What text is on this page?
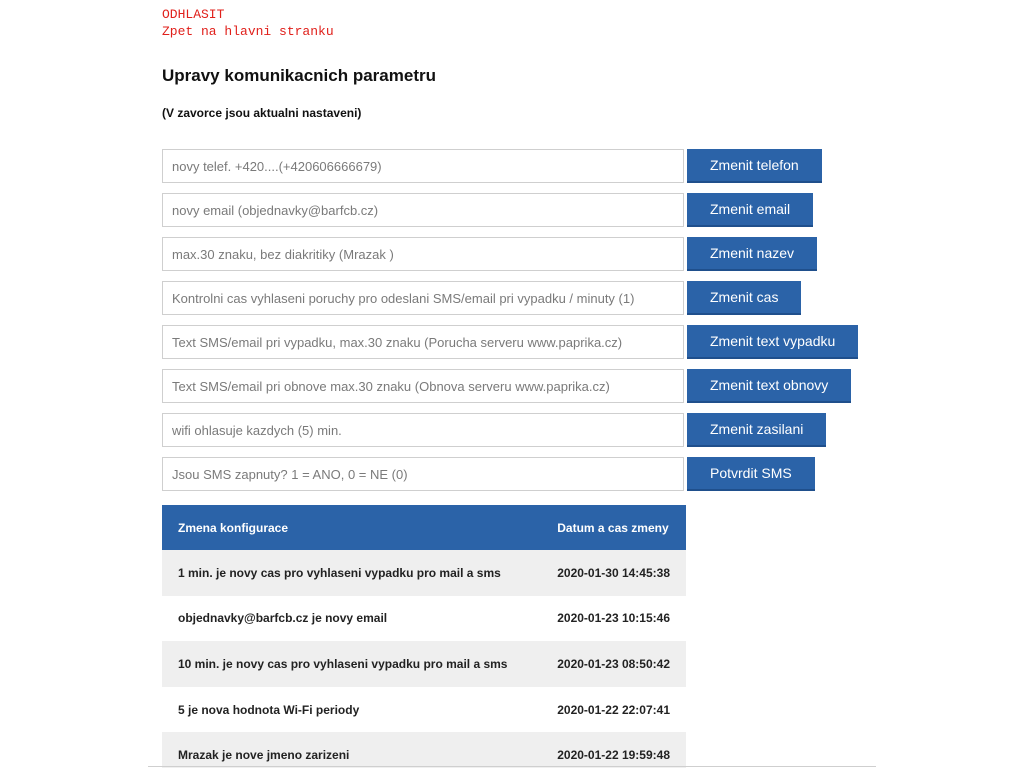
ODHLASIT
Zpet na hlavni stranku
Upravy komunikacnich parametru

(V zavorce jsou aktualni nastaveni)

novy telef. +420....(+420606666679)
Zmenit telefon
novy email (objednavky@barfcb.cz)
Zmenit email
max.30 znaku, bez diakritiky (Mrazak )
Zmenit nazev
Kontrolni cas vyhlaseni poruchy pro odeslani SMS/email pri vypadku / minuty (1)
Zmenit cas
Text SMS/email pri vypadku, max.30 znaku (Porucha serveru www.paprika.cz)
Zmenit text vypadku
Text SMS/email pri obnove max.30 znaku (Obnova serveru www.paprika.cz)
Zmenit text obnovy
wifi ohlasuje kazdych (5) min.
Zmenit zasilani
Jsou SMS zapnuty? 1 = ANO, 0 = NE (0)
Potvrdit SMS
Zmena konfigurace	Datum a cas zmeny
1 min. je novy cas pro vyhlaseni vypadku pro mail a sms	2020-01-30 14:45:38
objednavky@barfcb.cz je novy email	2020-01-23 10:15:46
10 min. je novy cas pro vyhlaseni vypadku pro mail a sms	2020-01-23 08:50:42
5 je nova hodnota Wi-Fi periody	2020-01-22 22:07:41
Mrazak je nove jmeno zarizeni	2020-01-22 19:59:48
